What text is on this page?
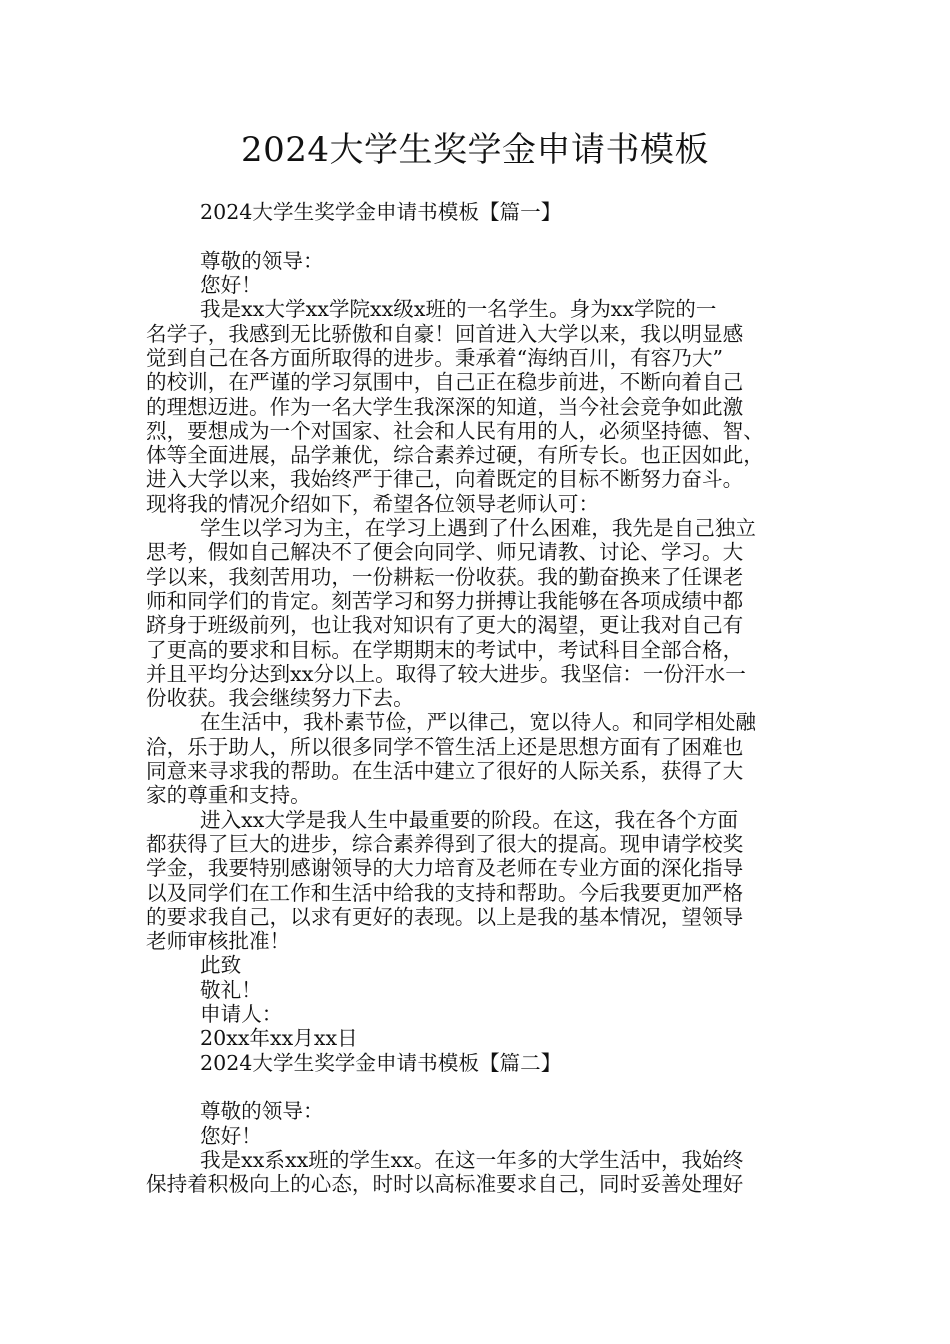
2024大学生奖学金申请书模板
2024大学生奖学金申请书模板【篇一】
尊敬的领导：
您好！
我是xx大学xx学院xx级x班的一名学生。身为xx学院的一
名学子，我感到无比骄傲和自豪！回首进入大学以来，我以明显感
觉到自己在各方面所取得的进步。秉承着“海纳百川，有容乃大”
的校训，在严谨的学习氛围中，自己正在稳步前进，不断向着自己
的理想迈进。作为一名大学生我深深的知道，当今社会竞争如此激
烈，要想成为一个对国家、社会和人民有用的人，必须坚持德、智、
体等全面进展，品学兼优，综合素养过硬，有所专长。也正因如此，
进入大学以来，我始终严于律己，向着既定的目标不断努力奋斗。
现将我的情况介绍如下，希望各位领导老师认可：
学生以学习为主，在学习上遇到了什么困难，我先是自己独立
思考，假如自己解决不了便会向同学、师兄请教、讨论、学习。大
学以来，我刻苦用功，一份耕耘一份收获。我的勤奋换来了任课老
师和同学们的肯定。刻苦学习和努力拼搏让我能够在各项成绩中都
跻身于班级前列，也让我对知识有了更大的渴望，更让我对自己有
了更高的要求和目标。在学期期末的考试中，考试科目全部合格，
并且平均分达到xx分以上。取得了较大进步。我坚信：一份汗水一
份收获。我会继续努力下去。
在生活中，我朴素节俭，严以律己，宽以待人。和同学相处融
洽，乐于助人，所以很多同学不管生活上还是思想方面有了困难也
同意来寻求我的帮助。在生活中建立了很好的人际关系，获得了大
家的尊重和支持。
进入xx大学是我人生中最重要的阶段。在这，我在各个方面
都获得了巨大的进步，综合素养得到了很大的提高。现申请学校奖
学金，我要特别感谢领导的大力培育及老师在专业方面的深化指导
以及同学们在工作和生活中给我的支持和帮助。今后我要更加严格
的要求我自己，以求有更好的表现。以上是我的基本情况，望领导
老师审核批准！
此致
敬礼！
申请人：
20xx年xx月xx日
2024大学生奖学金申请书模板【篇二】
尊敬的领导：
您好！
我是xx系xx班的学生xx。在这一年多的大学生活中，我始终
保持着积极向上的心态，时时以高标准要求自己，同时妥善处理好
